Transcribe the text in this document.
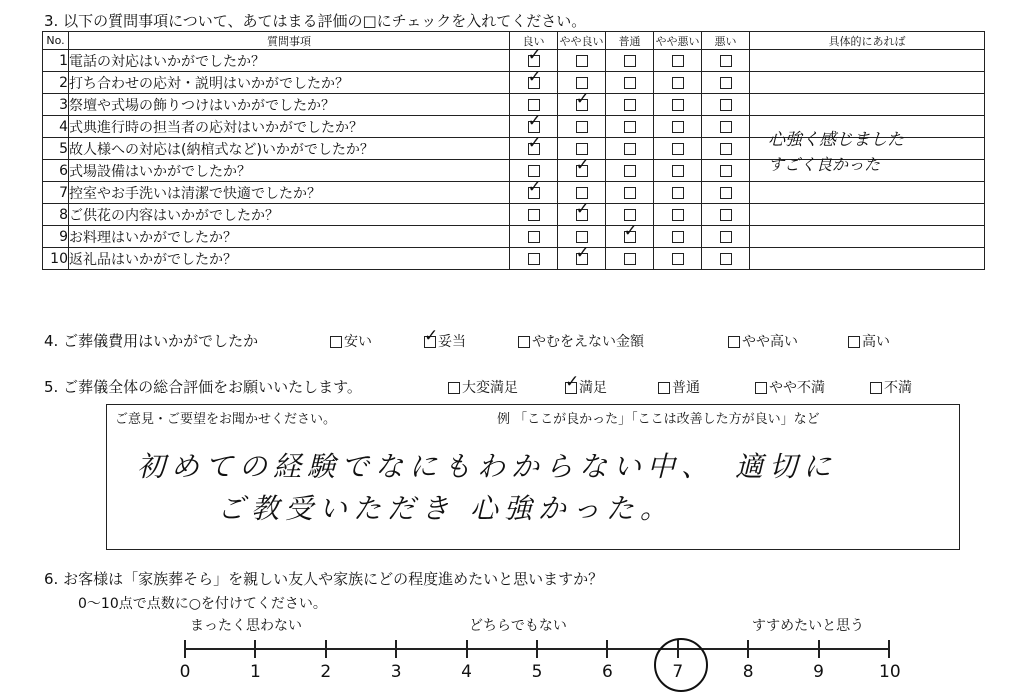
3. 以下の質問事項について、あてはまる評価の□にチェックを入れてください。
No.	質問事項	良い	やや良い	普通	やや悪い	悪い	具体的にあれば
1	電話の対応はいかがでしたか？	✓					
2	打ち合わせの応対・説明はいかがでしたか？	✓					
3	祭壇や式場の飾りつけはいかがでしたか？		✓				
4	式典進行時の担当者の応対はいかがでしたか？	✓					
5	故人様への対応は(納棺式など)いかがでしたか？	✓					
6	式場設備はいかがでしたか？		✓				
7	控室やお手洗いは清潔で快適でしたか？	✓					
8	ご供花の内容はいかがでしたか？		✓				
9	お料理はいかがでしたか？			✓			
10	返礼品はいかがでしたか？		✓				
心強く感じました
すごく良かった
4. ご葬儀費用はいかがでしたか	安い ✓	妥当	やむをえない金額	やや高い	高い
5. ご葬儀全体の総合評価をお願いいたします。	大変満足 ✓	満足	普通	やや不満	不満
ご意見・ご要望をお聞かせください。	例 「ここが良かった」「ここは改善した方が良い」など
初めての経験でなにもわからない中、　適切に
ご教受いただき 心強かった。
6. お客様は「家族葬そら」を親しい友人や家族にどの程度進めたいと思いますか？
0～10点で点数に○を付けてください。
まったく思わない	どちらでもない	すすめたいと思う
0	1	2	3	4	5	6	7	8	9	10
